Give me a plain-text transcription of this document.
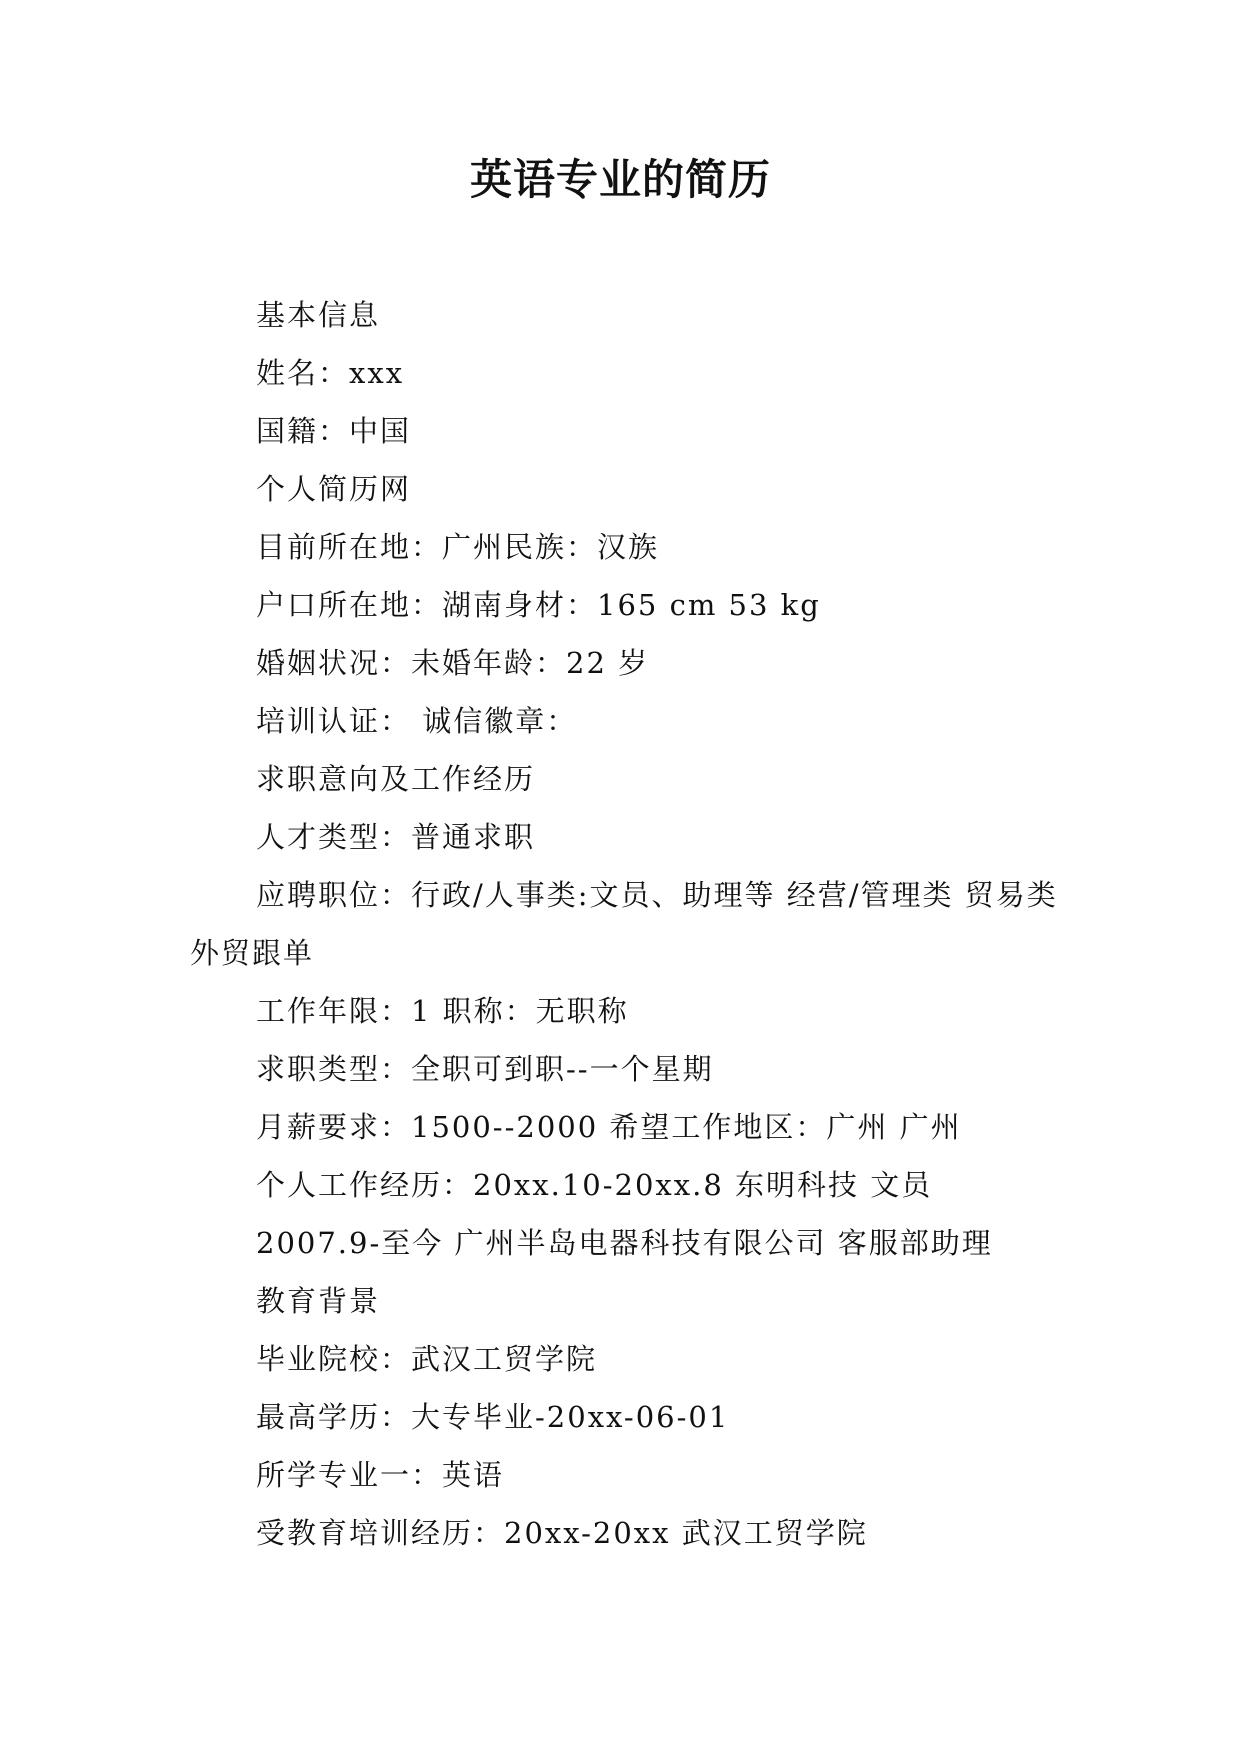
英语专业的简历

基本信息

姓名：xxx

国籍：中国

个人简历网

目前所在地：广州民族：汉族

户口所在地：湖南身材：165 cm 53 kg

婚姻状况：未婚年龄：22 岁

培训认证： 诚信徽章：

求职意向及工作经历

人才类型：普通求职

应聘职位：行政/人事类:文员、助理等 经营/管理类 贸易类 外贸跟单

工作年限：1 职称：无职称

求职类型：全职可到职--一个星期

月薪要求：1500--2000 希望工作地区：广州 广州

个人工作经历：20xx.10-20xx.8 东明科技 文员

2007.9-至今 广州半岛电器科技有限公司 客服部助理

教育背景

毕业院校：武汉工贸学院

最高学历：大专毕业-20xx-06-01

所学专业一：英语

受教育培训经历：20xx-20xx 武汉工贸学院
